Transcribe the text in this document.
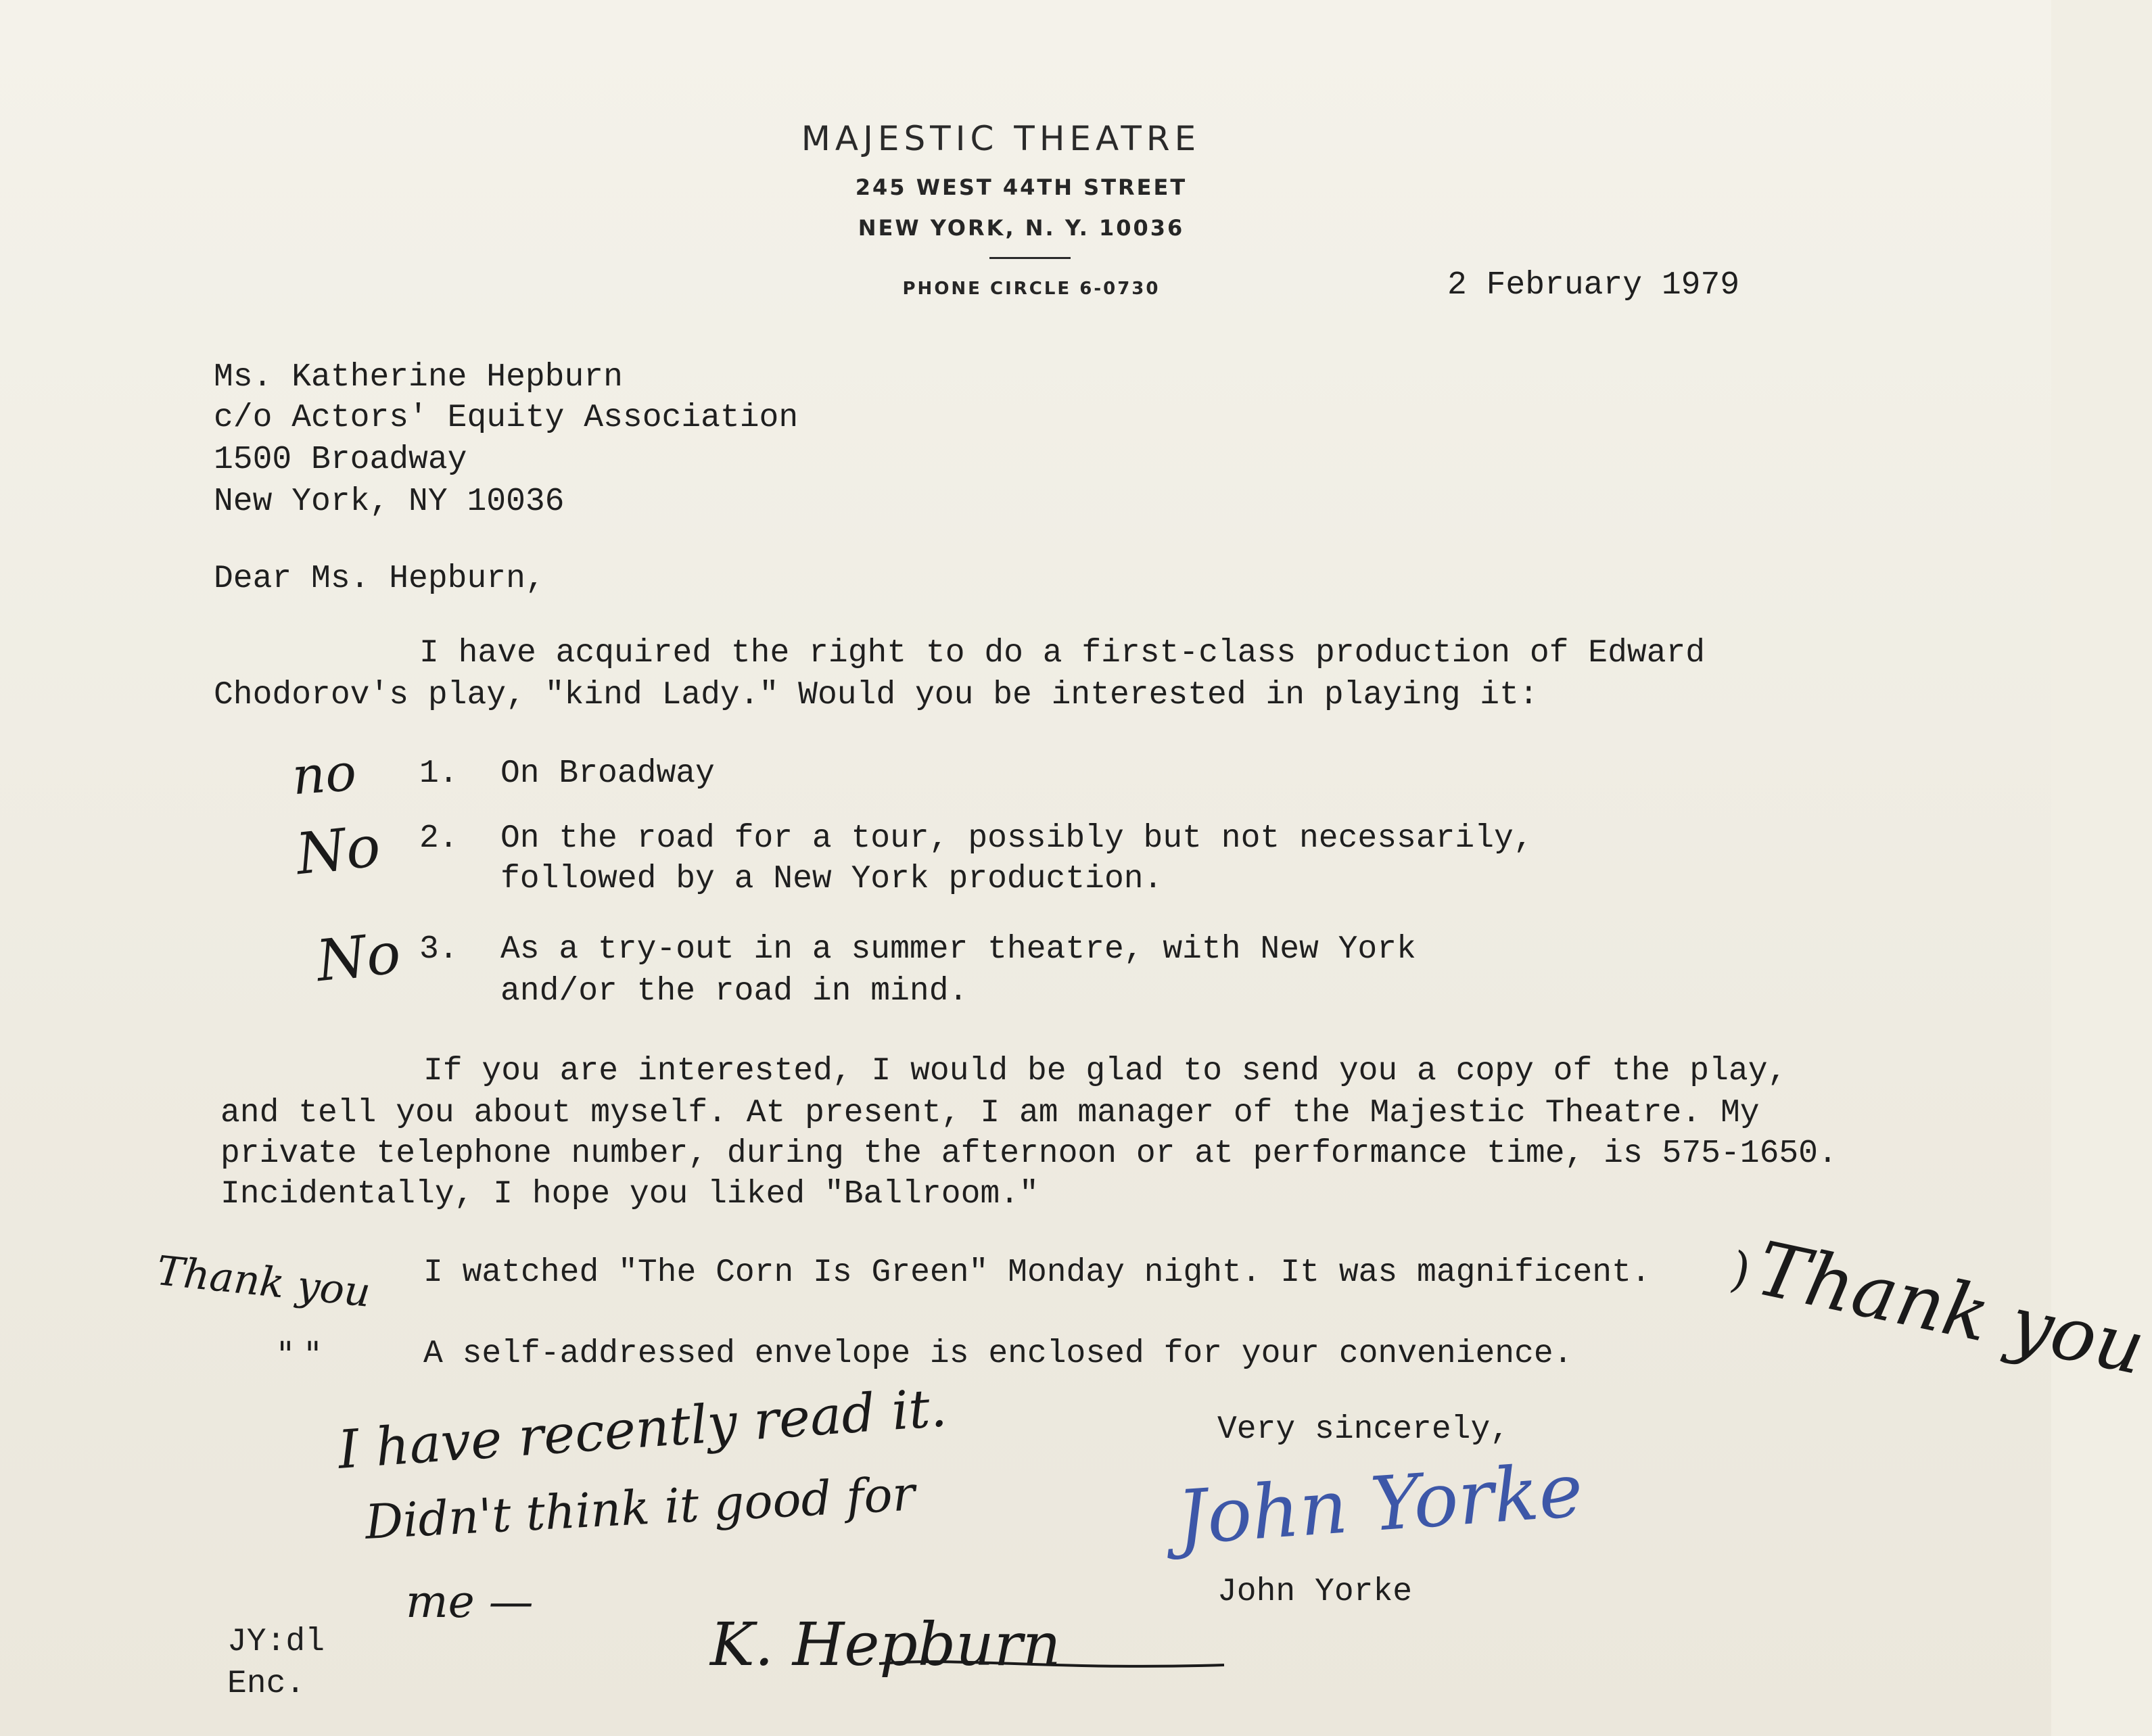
MAJESTIC THEATRE
245 WEST 44TH STREET
NEW YORK, N. Y. 10036
PHONE CIRCLE 6-0730	2 February 1979
Ms. Katherine Hepburn
c/o Actors' Equity Association
1500 Broadway
New York, NY 10036
Dear Ms. Hepburn,
I have acquired the right to do a first-class production of Edward
Chodorov's play, "kind Lady." Would you be interested in playing it:
no 1. On Broadway
No 2. On the road for a tour, possibly but not necessarily,
followed by a New York production.
No 3. As a try-out in a summer theatre, with New York
and/or the road in mind.
If you are interested, I would be glad to send you a copy of the play,
and tell you about myself. At present, I am manager of the Majestic Theatre. My
private telephone number, during the afternoon or at performance time, is 575-1650.
Incidentally, I hope you liked "Ballroom."
Thank you I watched "The Corn Is Green" Monday night. It was magnificent. ) Thank you
" "	A self-addressed envelope is enclosed for your convenience.
Very sincerely,
John Yorke
John Yorke
I have recently read it.
Didn't think it good for
me —
K. Hepburn
JY:dl
Enc.
